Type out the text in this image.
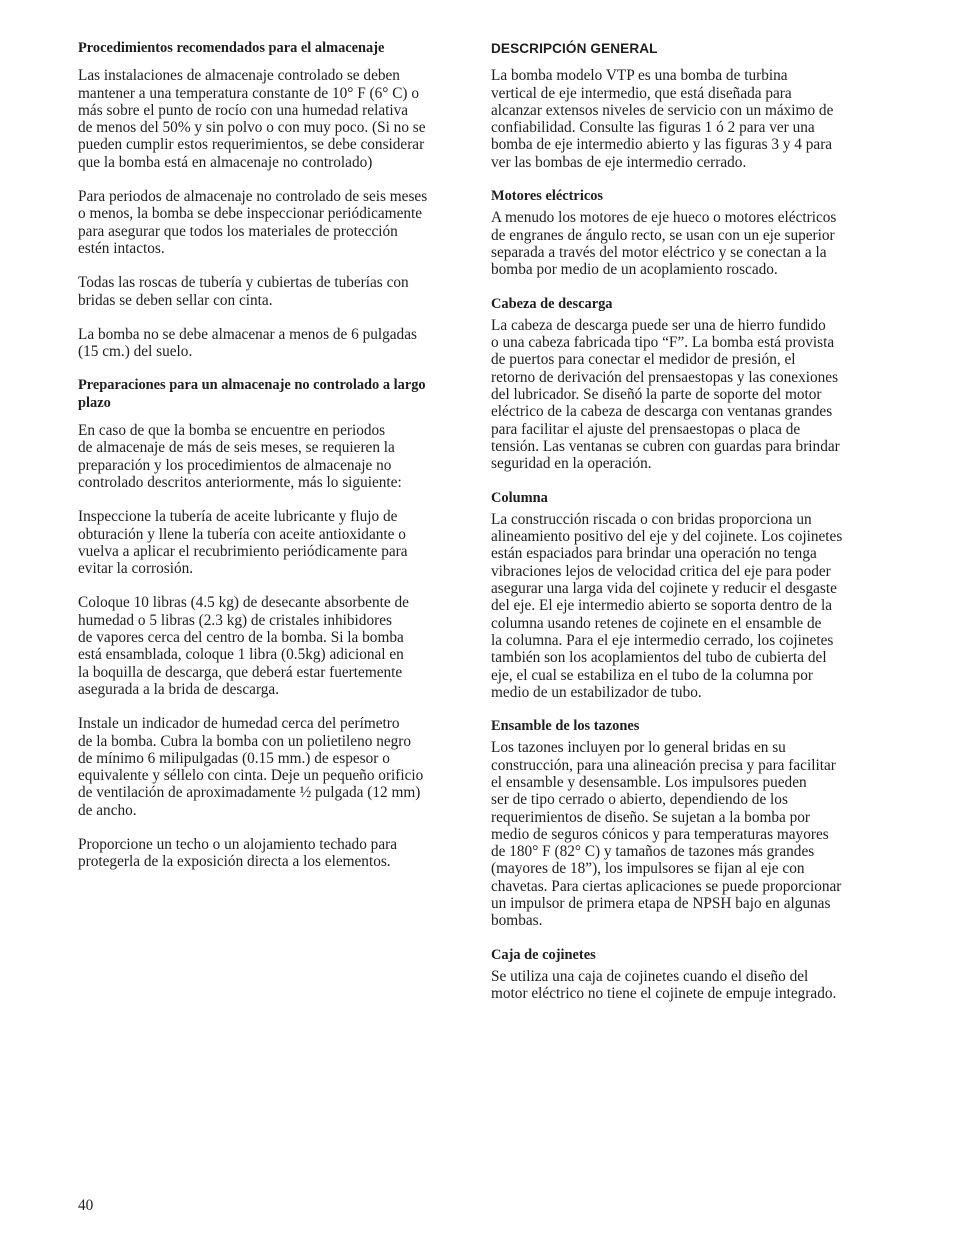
Procedimientos recomendados para el almacenaje

Las instalaciones de almacenaje controlado se deben
mantener a una temperatura constante de 10° F (6° C) o
más sobre el punto de rocío con una humedad relativa
de menos del 50% y sin polvo o con muy poco. (Si no se
pueden cumplir estos requerimientos, se debe considerar
que la bomba está en almacenaje no controlado)

Para periodos de almacenaje no controlado de seis meses
o menos, la bomba se debe inspeccionar periódicamente
para asegurar que todos los materiales de protección
estén intactos.

Todas las roscas de tubería y cubiertas de tuberías con
bridas se deben sellar con cinta.

La bomba no se debe almacenar a menos de 6 pulgadas
(15 cm.) del suelo.

Preparaciones para un almacenaje no controlado a largo
plazo

En caso de que la bomba se encuentre en periodos
de almacenaje de más de seis meses, se requieren la
preparación y los procedimientos de almacenaje no
controlado descritos anteriormente, más lo siguiente:

Inspeccione la tubería de aceite lubricante y flujo de
obturación y llene la tubería con aceite antioxidante o
vuelva a aplicar el recubrimiento periódicamente para
evitar la corrosión.

Coloque 10 libras (4.5 kg) de desecante absorbente de
humedad o 5 libras (2.3 kg) de cristales inhibidores
de vapores cerca del centro de la bomba. Si la bomba
está ensamblada, coloque 1 libra (0.5kg) adicional en
la boquilla de descarga, que deberá estar fuertemente
asegurada a la brida de descarga.

Instale un indicador de humedad cerca del perímetro
de la bomba. Cubra la bomba con un polietileno negro
de mínimo 6 milipulgadas (0.15 mm.) de espesor o
equivalente y séllelo con cinta. Deje un pequeño orificio
de ventilación de aproximadamente ½ pulgada (12 mm)
de ancho.

Proporcione un techo o un alojamiento techado para
protegerla de la exposición directa a los elementos.

DESCRIPCIÓN GENERAL

La bomba modelo VTP es una bomba de turbina
vertical de eje intermedio, que está diseñada para
alcanzar extensos niveles de servicio con un máximo de
confiabilidad. Consulte las figuras 1 ó 2 para ver una
bomba de eje intermedio abierto y las figuras 3 y 4 para
ver las bombas de eje intermedio cerrado.

Motores eléctricos

A menudo los motores de eje hueco o motores eléctricos
de engranes de ángulo recto, se usan con un eje superior
separada a través del motor eléctrico y se conectan a la
bomba por medio de un acoplamiento roscado.

Cabeza de descarga

La cabeza de descarga puede ser una de hierro fundido
o una cabeza fabricada tipo “F”. La bomba está provista
de puertos para conectar el medidor de presión, el
retorno de derivación del prensaestopas y las conexiones
del lubricador. Se diseñó la parte de soporte del motor
eléctrico de la cabeza de descarga con ventanas grandes
para facilitar el ajuste del prensaestopas o placa de
tensión. Las ventanas se cubren con guardas para brindar
seguridad en la operación.

Columna

La construcción riscada o con bridas proporciona un
alineamiento positivo del eje y del cojinete. Los cojinetes
están espaciados para brindar una operación no tenga
vibraciones lejos de velocidad critica del eje para poder
asegurar una larga vida del cojinete y reducir el desgaste
del eje. El eje intermedio abierto se soporta dentro de la
columna usando retenes de cojinete en el ensamble de
la columna. Para el eje intermedio cerrado, los cojinetes
también son los acoplamientos del tubo de cubierta del
eje, el cual se estabiliza en el tubo de la columna por
medio de un estabilizador de tubo.

Ensamble de los tazones

Los tazones incluyen por lo general bridas en su
construcción, para una alineación precisa y para facilitar
el ensamble y desensamble. Los impulsores pueden
ser de tipo cerrado o abierto, dependiendo de los
requerimientos de diseño. Se sujetan a la bomba por
medio de seguros cónicos y para temperaturas mayores
de 180° F (82° C) y tamaños de tazones más grandes
(mayores de 18”), los impulsores se fijan al eje con
chavetas. Para ciertas aplicaciones se puede proporcionar
un impulsor de primera etapa de NPSH bajo en algunas
bombas.

Caja de cojinetes

Se utiliza una caja de cojinetes cuando el diseño del
motor eléctrico no tiene el cojinete de empuje integrado.

40
